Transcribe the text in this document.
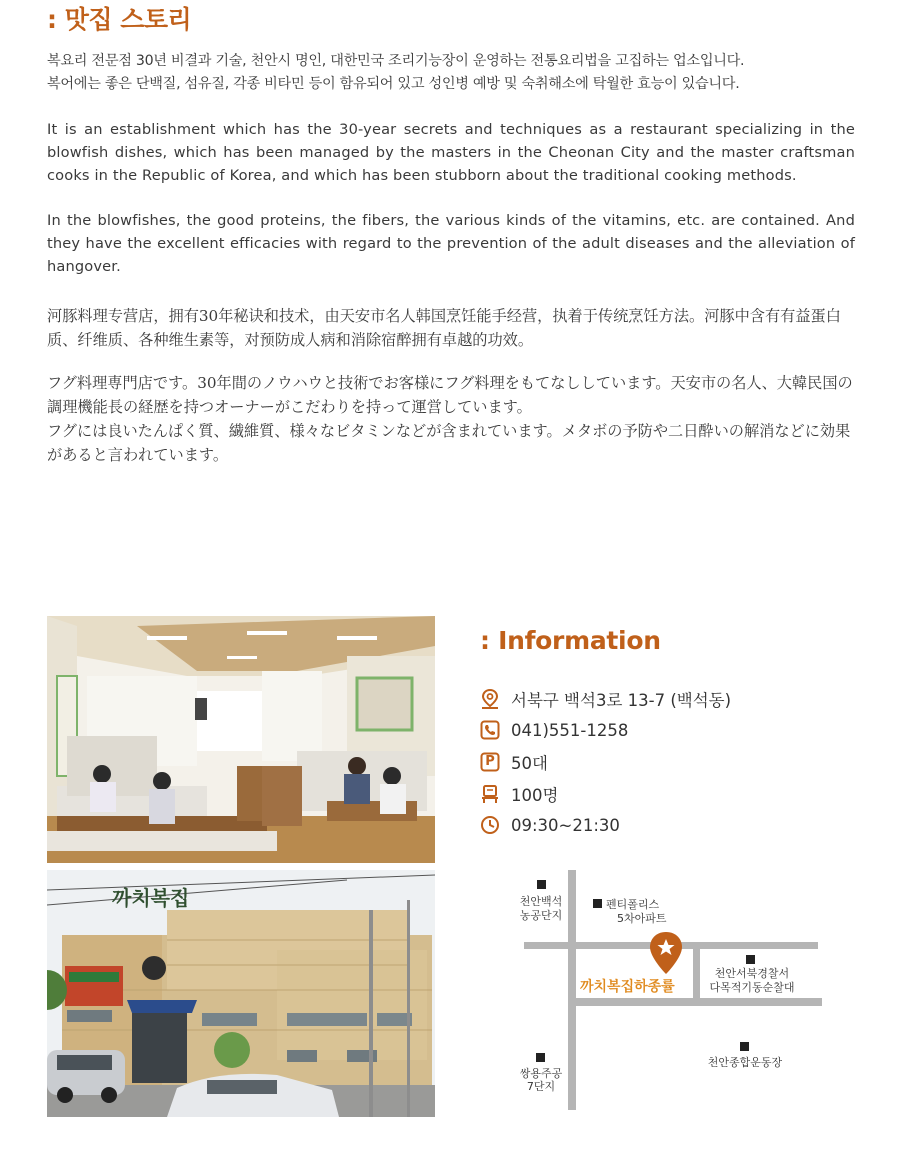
: 맛집 스토리

복요리 전문점 30년 비결과 기술, 천안시 명인, 대한민국 조리기능장이 운영하는 전통요리법을 고집하는 업소입니다.
복어에는 좋은 단백질, 섬유질, 각종 비타민 등이 함유되어 있고 성인병 예방 및 숙취해소에 탁월한 효능이 있습니다.

It is an establishment which has the 30-year secrets and techniques as a restaurant specializing in the blowfish dishes, which has been managed by the masters in the Cheonan City and the master craftsman cooks in the Republic of Korea, and which has been stubborn about the traditional cooking methods.

In the blowfishes, the good proteins, the fibers, the various kinds of the vitamins, etc. are contained. And they have the excellent efficacies with regard to the prevention of the adult diseases and the alleviation of hangover.

河豚料理专营店，拥有30年秘诀和技术，由天安市名人韩国烹饪能手经营，执着于传统烹饪方法。河豚中含有有益蛋白质、纤维质、各种维生素等，对预防成人病和消除宿醉拥有卓越的功效。

フグ料理専門店です。30年間のノウハウと技術でお客様にフグ料理をもてなししています。天安市の名人、大韓民国の調理機能長の経歴を持つオーナーがこだわりを持って運営しています。

フグには良いたんぱく質、繊維質、様々なビタミンなどが含まれています。メタボの予防や二日酔いの解消などに効果があると言われています。

까치복집
: Information
서북구 백석3로 13-7 (백석동)
041)551-1258
P 50대
100명
09:30~21:30
까치복집하종률
천안백석
농공단지
펜티폴리스
5차아파트
천안서북경찰서
다목적기동순찰대
천안종합운동장
쌍용주공
7단지
